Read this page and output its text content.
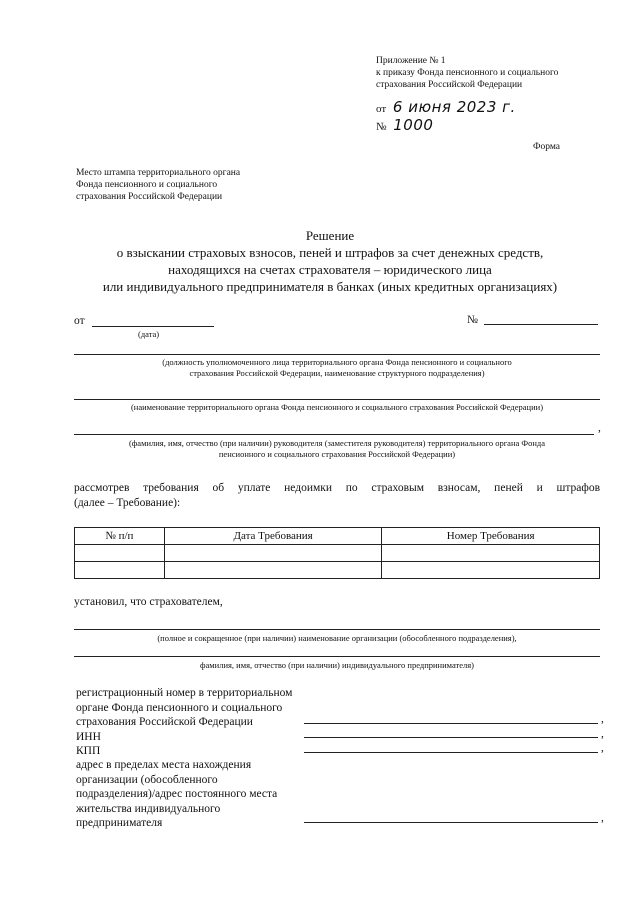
Приложение № 1
к приказу Фонда пенсионного и социального
страхования Российской Федерации
от 6 июня 2023 г.
№ 1000
Форма
Место штампа территориального органа
Фонда пенсионного и социального
страхования Российской Федерации
Решение
о взыскании страховых взносов, пеней и штрафов за счет денежных средств,
находящихся на счетах страхователя – юридического лица
или индивидуального предпринимателя в банках (иных кредитных организациях)
от
(дата)
№
(должность уполномоченного лица территориального органа Фонда пенсионного и социального
страхования Российской Федерации, наименование структурного подразделения)
(наименование территориального органа Фонда пенсионного и социального страхования Российской Федерации)
,
(фамилия, имя, отчество (при наличии) руководителя (заместителя руководителя) территориального органа Фонда
пенсионного и социального страхования Российской Федерации)
рассмотрев требования об уплате недоимки по страховым взносам, пеней и штрафов
(далее – Требование):
№ п/п	Дата Требования	Номер Требования

установил, что страхователем,
(полное и сокращенное (при наличии) наименование организации (обособленного подразделения),
фамилия, имя, отчество (при наличии) индивидуального предпринимателя)
регистрационный номер в территориальном
органе Фонда пенсионного и социального
страхования Российской Федерации	,
ИНН	,
КПП	,
адрес в пределах места нахождения
организации (обособленного
подразделения)/адрес постоянного места
жительства индивидуального
предпринимателя	,
